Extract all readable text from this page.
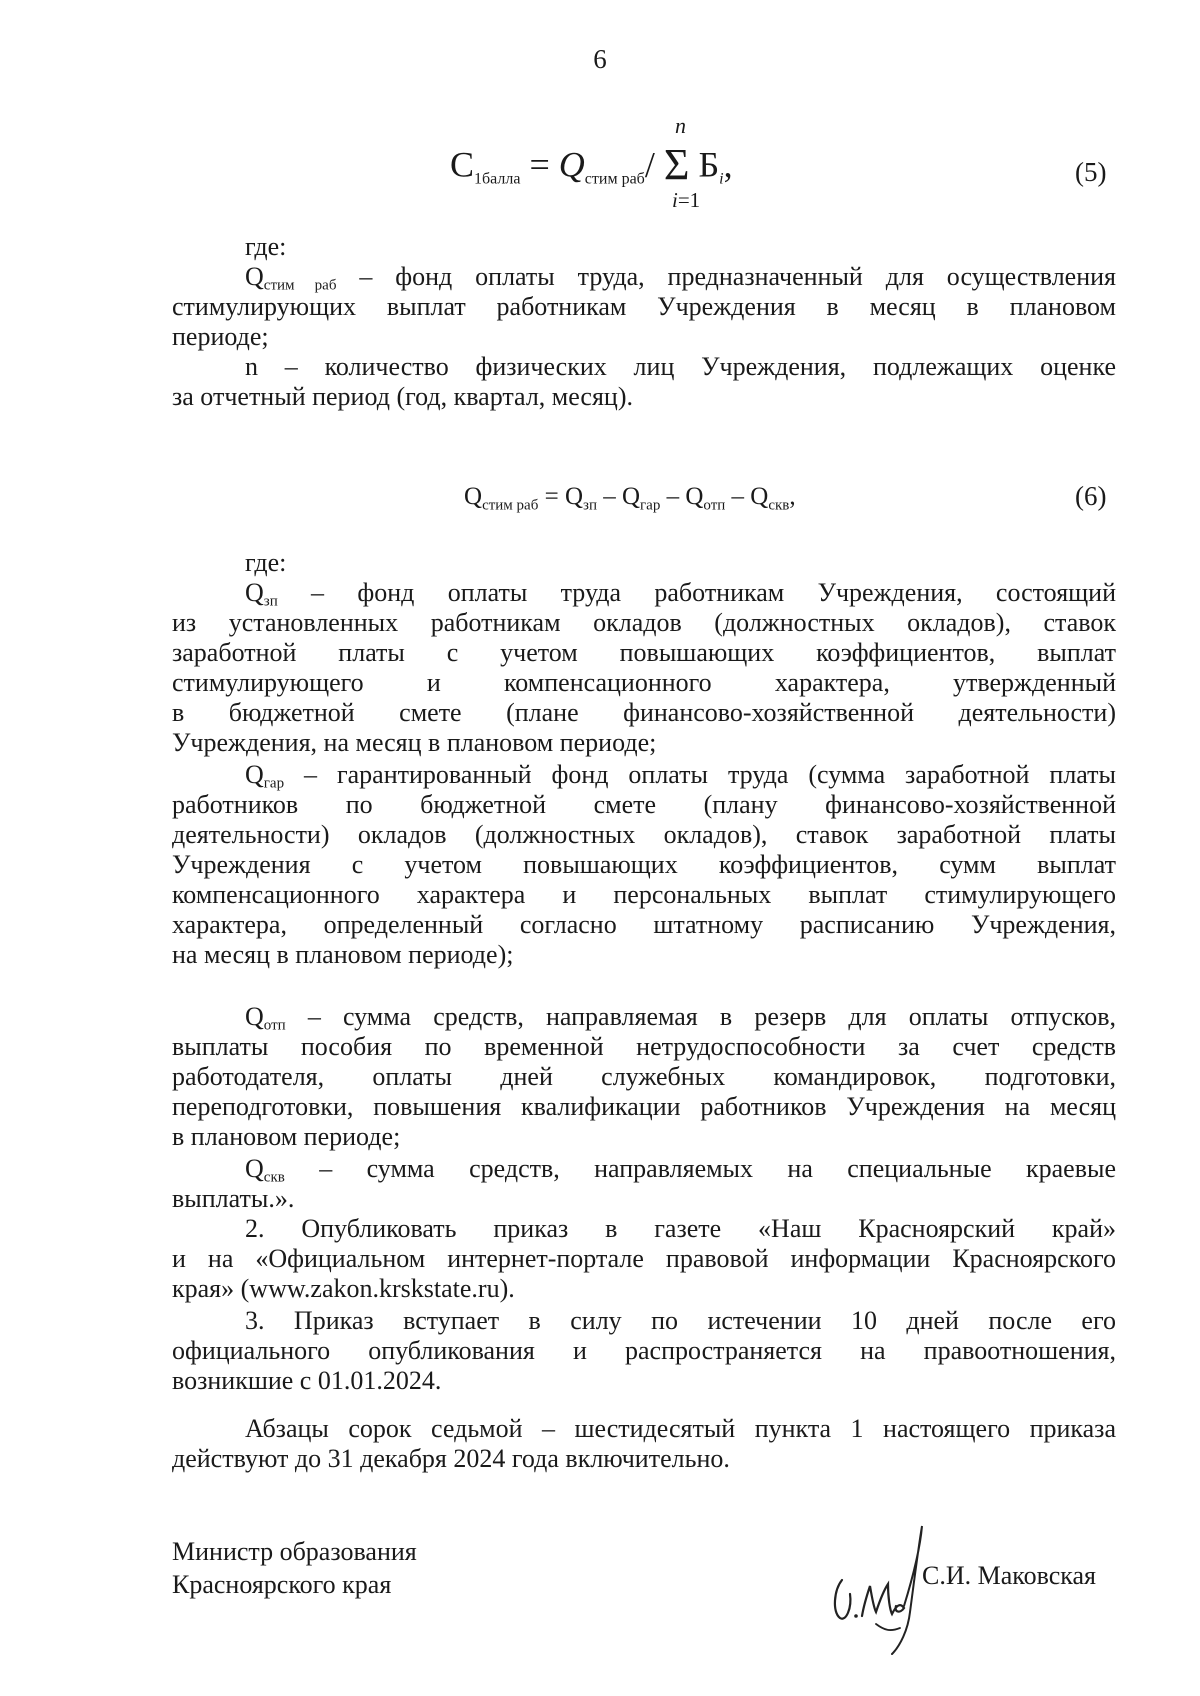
6
n
$С_{1балла} = Q_{стим раб}/$ Σ $Б_i$,
i=1
(5)
где:
$Q_{стим раб}$ – фонд оплаты труда, предназначенный для осуществления
стимулирующих выплат работникам Учреждения в месяц в плановом
периоде;
n – количество физических лиц Учреждения, подлежащих оценке
за отчетный период (год, квартал, месяц).
$Q_{стим раб} = Q_{зп} - Q_{гар} - Q_{отп} - Q_{скв}$,	(6)
где:
$Q_{зп}$ – фонд оплаты труда работникам Учреждения, состоящий
из установленных работникам окладов (должностных окладов), ставок
заработной платы с учетом повышающих коэффициентов, выплат
стимулирующего и компенсационного характера, утвержденный
в бюджетной смете (плане финансово-хозяйственной деятельности)
Учреждения, на месяц в плановом периоде;
$Q_{гар}$ – гарантированный фонд оплаты труда (сумма заработной платы
работников по бюджетной смете (плану финансово-хозяйственной
деятельности) окладов (должностных окладов), ставок заработной платы
Учреждения с учетом повышающих коэффициентов, сумм выплат
компенсационного характера и персональных выплат стимулирующего
характера, определенный согласно штатному расписанию Учреждения,
на месяц в плановом периоде);
$Q_{отп}$ – сумма средств, направляемая в резерв для оплаты отпусков,
выплаты пособия по временной нетрудоспособности за счет средств
работодателя, оплаты дней служебных командировок, подготовки,
переподготовки, повышения квалификации работников Учреждения на месяц
в плановом периоде;
$Q_{скв}$ – сумма средств, направляемых на специальные краевые
выплаты.».
2. Опубликовать приказ в газете «Наш Красноярский край»
и на «Официальном интернет-портале правовой информации Красноярского
края» (www.zakon.krskstate.ru).
3. Приказ вступает в силу по истечении 10 дней после его
официального опубликования и распространяется на правоотношения,
возникшие с 01.01.2024.
Абзацы сорок седьмой – шестидесятый пункта 1 настоящего приказа
действуют до 31 декабря 2024 года включительно.
Министр образования
Красноярского края	С.И. Маковская
